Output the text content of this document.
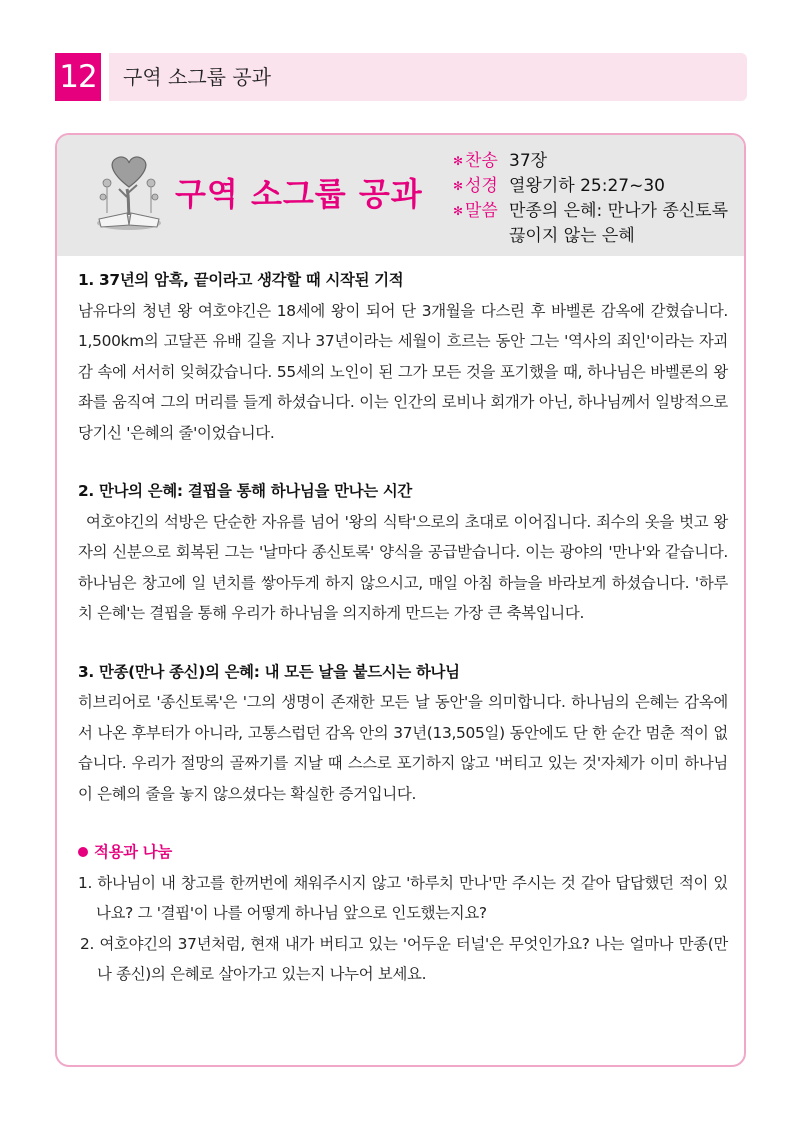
12	구역 소그룹 공과
구역 소그룹 공과
✻ 찬송 37장
✻ 성경 열왕기하 25:27~30
✻ 말씀 만종의 은혜: 만나가 종신토록 끊이지 않는 은혜
1. 37년의 암흑, 끝이라고 생각할 때 시작된 기적
남유다의 청년 왕 여호야긴은 18세에 왕이 되어 단 3개월을 다스린 후 바벨론 감옥에 갇혔습니다. 1,500km의 고달픈 유배 길을 지나 37년이라는 세월이 흐르는 동안 그는 '역사의 죄인'이라는 자괴감 속에 서서히 잊혀갔습니다. 55세의 노인이 된 그가 모든 것을 포기했을 때, 하나님은 바벨론의 왕좌를 움직여 그의 머리를 들게 하셨습니다. 이는 인간의 로비나 회개가 아닌, 하나님께서 일방적으로 당기신 '은혜의 줄'이었습니다.
2. 만나의 은혜: 결핍을 통해 하나님을 만나는 시간
여호야긴의 석방은 단순한 자유를 넘어 '왕의 식탁'으로의 초대로 이어집니다. 죄수의 옷을 벗고 왕자의 신분으로 회복된 그는 '날마다 종신토록' 양식을 공급받습니다. 이는 광야의 '만나'와 같습니다. 하나님은 창고에 일 년치를 쌓아두게 하지 않으시고, 매일 아침 하늘을 바라보게 하셨습니다. '하루치 은혜'는 결핍을 통해 우리가 하나님을 의지하게 만드는 가장 큰 축복입니다.
3. 만종(만나 종신)의 은혜: 내 모든 날을 붙드시는 하나님
히브리어로 '종신토록'은 '그의 생명이 존재한 모든 날 동안'을 의미합니다. 하나님의 은혜는 감옥에서 나온 후부터가 아니라, 고통스럽던 감옥 안의 37년(13,505일) 동안에도 단 한 순간 멈춘 적이 없습니다. 우리가 절망의 골짜기를 지날 때 스스로 포기하지 않고 '버티고 있는 것'자체가 이미 하나님이 은혜의 줄을 놓지 않으셨다는 확실한 증거입니다.
적용과 나눔
1. 하나님이 내 창고를 한꺼번에 채워주시지 않고 '하루치 만나'만 주시는 것 같아 답답했던 적이 있나요? 그 '결핍'이 나를 어떻게 하나님 앞으로 인도했는지요?
2. 여호야긴의 37년처럼, 현재 내가 버티고 있는 '어두운 터널'은 무엇인가요? 나는 얼마나 만종(만나 종신)의 은혜로 살아가고 있는지 나누어 보세요.
